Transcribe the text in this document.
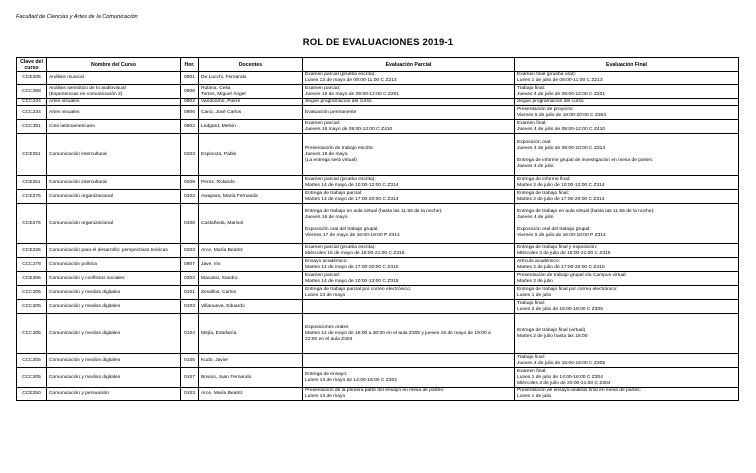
Facultad de Ciencias y Artes de la Comunicación
ROL DE EVALUACIONES 2019-1
Clave del curso	Nombre del Curso	Hor.	Docentes	Evaluación Parcial	Evaluación Final
CCE205	Análisis musical	0901	De Lucchi, Fernando	Examen parcial (prueba escrita):
Lunes 13 de mayo de 09:00-11:00 C Z213	Examen final (prueba oral):
Lunes 1 de julio de 09:00-11:00 C Z213
CCC358	Análisis semiótico de lo audiovisual
(Experiencias en comunicación 2)	0906	Rubina, Celia
Torres, Miguel Ángel	Examen parcial:
Jueves 16 de mayo de 09:00-12:00 C Z201	Trabajo final:
Jueves 4 de julio de 09:00-12:00 C Z201
CCC234	Artes visuales	0902	Vandoorne, Pierre	Según programación del curso	Según programación del curso
CCC234	Artes visuales	0906	Cano, José Carlos	Evaluación permanente	Presentación de proyecto:
Viernes 5 de julio de 18:00-20:00 C Z304
CCC381	Cine latinoamericano	0902	Ledgard, Melvin	Examen parcial:
Jueves 16 mayo de 09:00-12:00 C Z410	Examen final:
Jueves 4 de julio de 09:00-12:00 C Z410
CCE251	Comunicación intercultural	0203	Espinoza, Pablo	Presentación de trabajo escrito:
Jueves 16 de mayo.
(La entrega será virtual)	Exposición oral:
Jueves 4 de julio de 08:00-10:00 C Z314

Entrega de informe grupal de investigación en mesa de partes:
Jueves 4 de julio
CCE251	Comunicación intercultural	0208	Perez, Rolando	Examen parcial (prueba escrita):
Martes 14 de mayo de 10:00-12:00 C Z314	Entrega de informe final:
Martes 2 de julio de 10:00-12:00 C Z314
CCE275	Comunicación organizacional	0403	Awapara, María Fernanda	Entrega de trabajo parcial:
Martes 14 de mayo de 17:00-20:00 C Z314	Entrega de trabajo final:
Martes 2 de julio de 17:00-20:00 C Z314
CCE275	Comunicación organizacional	0406	Castañeda, Marisol	Entrega de trabajo en aula virtual (hasta las 11.55 de la noche):
Jueves 16 de mayo

Exposición oral del trabajo grupal:
Viernes 17 de mayo de 16:00-18:00 P Z314	Entrega de trabajo en aula virtual (hasta las 11.55 de la noche):
Jueves 4 de julio

Exposición oral del trabajo grupal:
Viernes 5 de julio de 16:00-18:00 P Z314
CCE226	Comunicación para el desarrollo: perspectivas teóricas	0203	Arce, María Beatriz	Examen parcial (prueba escrita):
Miércoles 15 de mayo de 18:00-21:00 C Z316	Entrega de trabajo final y exposición:
Miércoles 3 de julio de 18:00-21:00 C Z316
CCC278	Comunicación política	0907	Jave, Iris	Ensayo académico:
Martes 14 de mayo de 17:00-20:00 C Z410	Artículo académico:
Martes 2 de julio de 17:00-20:00 C Z410
CCE286	Comunicación y conflictos sociales	0303	Macassi, Sandro	Examen parcial:
Martes 14 de mayo de 10:00-13:00 C Z315	Presentación de trabajo grupal vía Campus virtual:
Martes 2 de julio
CCC205	Comunicación y medios digitales	0101	Zevallos, Carlos	Entrega de trabajo parcial por correo electrónico:
Lunes 13 de mayo	Entrega de trabajo final por correo electrónico:
Lunes 1 de julio
CCC205	Comunicación y medios digitales	0103	Villanueva, Eduardo		Trabajo final:
Lunes 2 de julio de 15:00-18:00 C Z305
CCC205	Comunicación y medios digitales	0104	Mejía, Estefanía	Exposiciones orales
Martes 14 de mayo de 18:00 a 20:00 en el aula Z305 y jueves 16 de mayo de 19:00 a
22:00 en el aula Z304	Entrega de trabajo final (virtual)
Martes 2 de julio hasta las 18:00
CCC205	Comunicación y medios digitales	0105	Kudo, Javier		Trabajo final:
Jueves 4 de julio de 15:00-18:00 C Z305
CCC205	Comunicación y medios digitales	0107	Bossio, Juan Fernando	Entrega de ensayo:
Lunes 13 de mayo de 14:00-16:00 C Z304	Examen final:
Lunes 1 de julio de 14:00-16:00 C Z304
Miércoles 3 de julio de 20:00-21:00 C Z304
CCE250	Comunicación y persuasión	0103	Arce, María Beatriz	Presentación de la primera parte del ensayo en mesa de partes:
Lunes 13 de mayo	Presentación de ensayo-análisis final en mesa de partes:
Lunes 1 de julio
